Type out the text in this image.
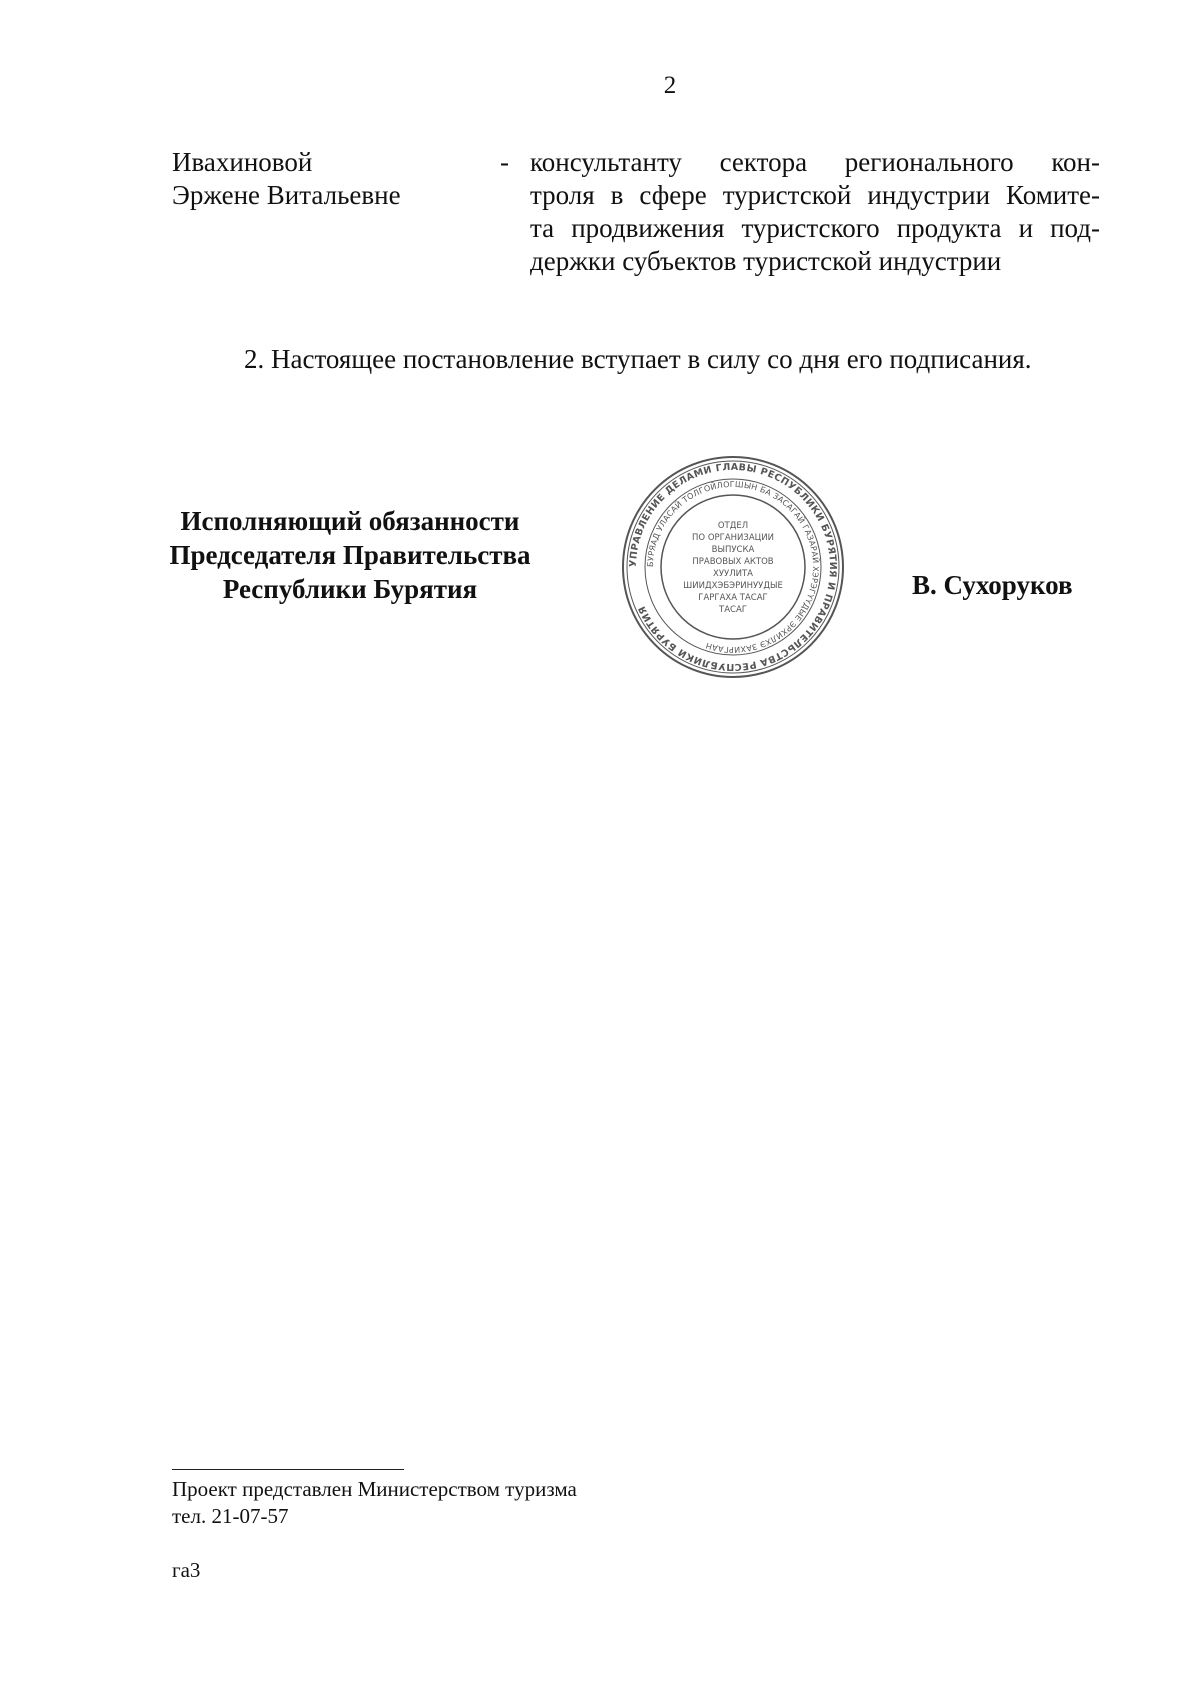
2
Ивахиновой
Эржене Витальевне
- консультанту сектора регионального кон-
троля в сфере туристской индустрии Комите-
та продвижения туристского продукта и под-
держки субъектов туристской индустрии
2. Настоящее постановление вступает в силу со дня его подписания.
Исполняющий обязанности
Председателя Правительства
Республики Бурятия
УПРАВЛЕНИЕ ДЕЛАМИ ГЛАВЫ РЕСПУБЛИКИ БУРЯТИЯ И ПРАВИТЕЛЬСТВА РЕСПУБЛИКИ БУРЯТИЯ
БУРЯАД УЛАСАЙ ТОЛГОЙЛОГШЫН БА ЗАСАГАЙ ГАЗАРАЙ ХЭРЭГҮҮДЫЕ ЭРХИЛХЭ ЗАХИРГААН
ОТДЕЛ
ПО ОРГАНИЗАЦИИ
ВЫПУСКА
ПРАВОВЫХ АКТОВ
ХУУЛИТА
ШИИДХЭБЭРИНУУДЫЕ
ГАРГАХА ТАСАГ
ТАСАГ
В. Сухоруков
Проект представлен Министерством туризма
тел. 21-07-57
га3
